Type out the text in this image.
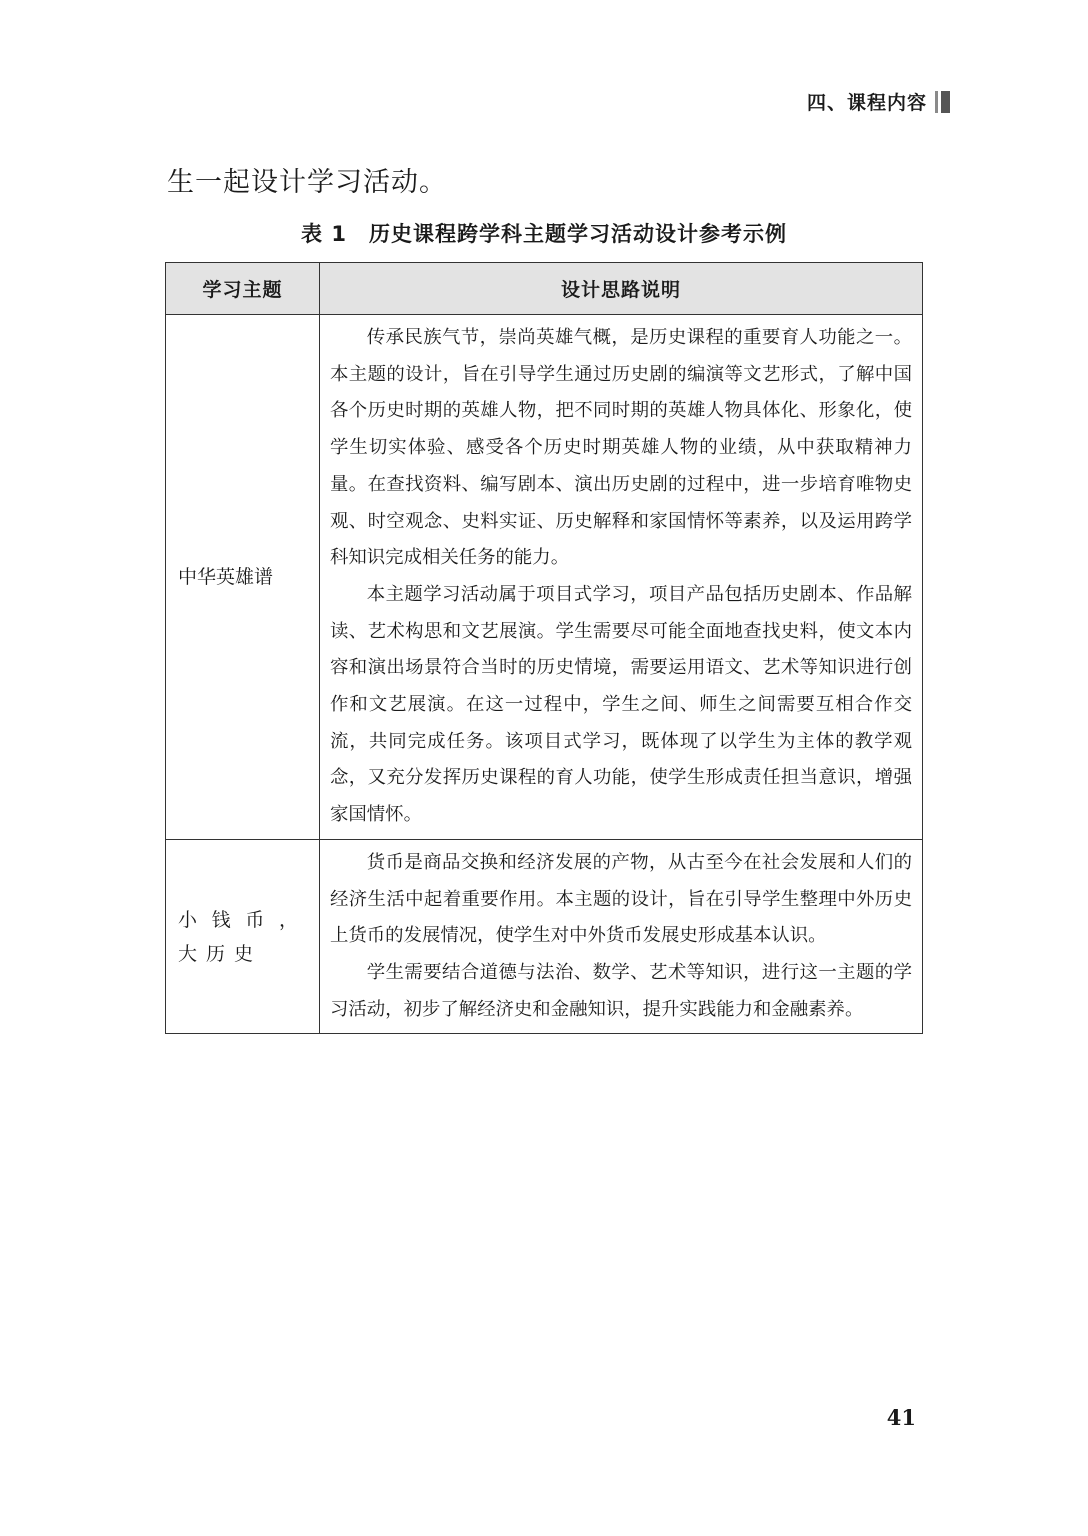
四、课程内容
生一起设计学习活动。
表 1 历史课程跨学科主题学习活动设计参考示例
学习主题	设计思路说明
中华英雄谱	传承民族气节，崇尚英雄气概，是历史课程的重要育人功能之一。本主题的设计，旨在引导学生通过历史剧的编演等文艺形式，了解中国各个历史时期的英雄人物，把不同时期的英雄人物具体化、形象化，使学生切实体验、感受各个历史时期英雄人物的业绩，从中获取精神力量。在查找资料、编写剧本、演出历史剧的过程中，进一步培育唯物史观、时空观念、史料实证、历史解释和家国情怀等素养，以及运用跨学科知识完成相关任务的能力。

本主题学习活动属于项目式学习，项目产品包括历史剧本、作品解读、艺术构思和文艺展演。学生需要尽可能全面地查找史料，使文本内容和演出场景符合当时的历史情境，需要运用语文、艺术等知识进行创作和文艺展演。在这一过程中，学生之间、师生之间需要互相合作交流，共同完成任务。该项目式学习，既体现了以学生为主体的教学观念，又充分发挥历史课程的育人功能，使学生形成责任担当意识，增强家国情怀。

小钱币，大历史	货币是商品交换和经济发展的产物，从古至今在社会发展和人们的经济生活中起着重要作用。本主题的设计，旨在引导学生整理中外历史上货币的发展情况，使学生对中外货币发展史形成基本认识。

学生需要结合道德与法治、数学、艺术等知识，进行这一主题的学习活动，初步了解经济史和金融知识，提升实践能力和金融素养。

41
